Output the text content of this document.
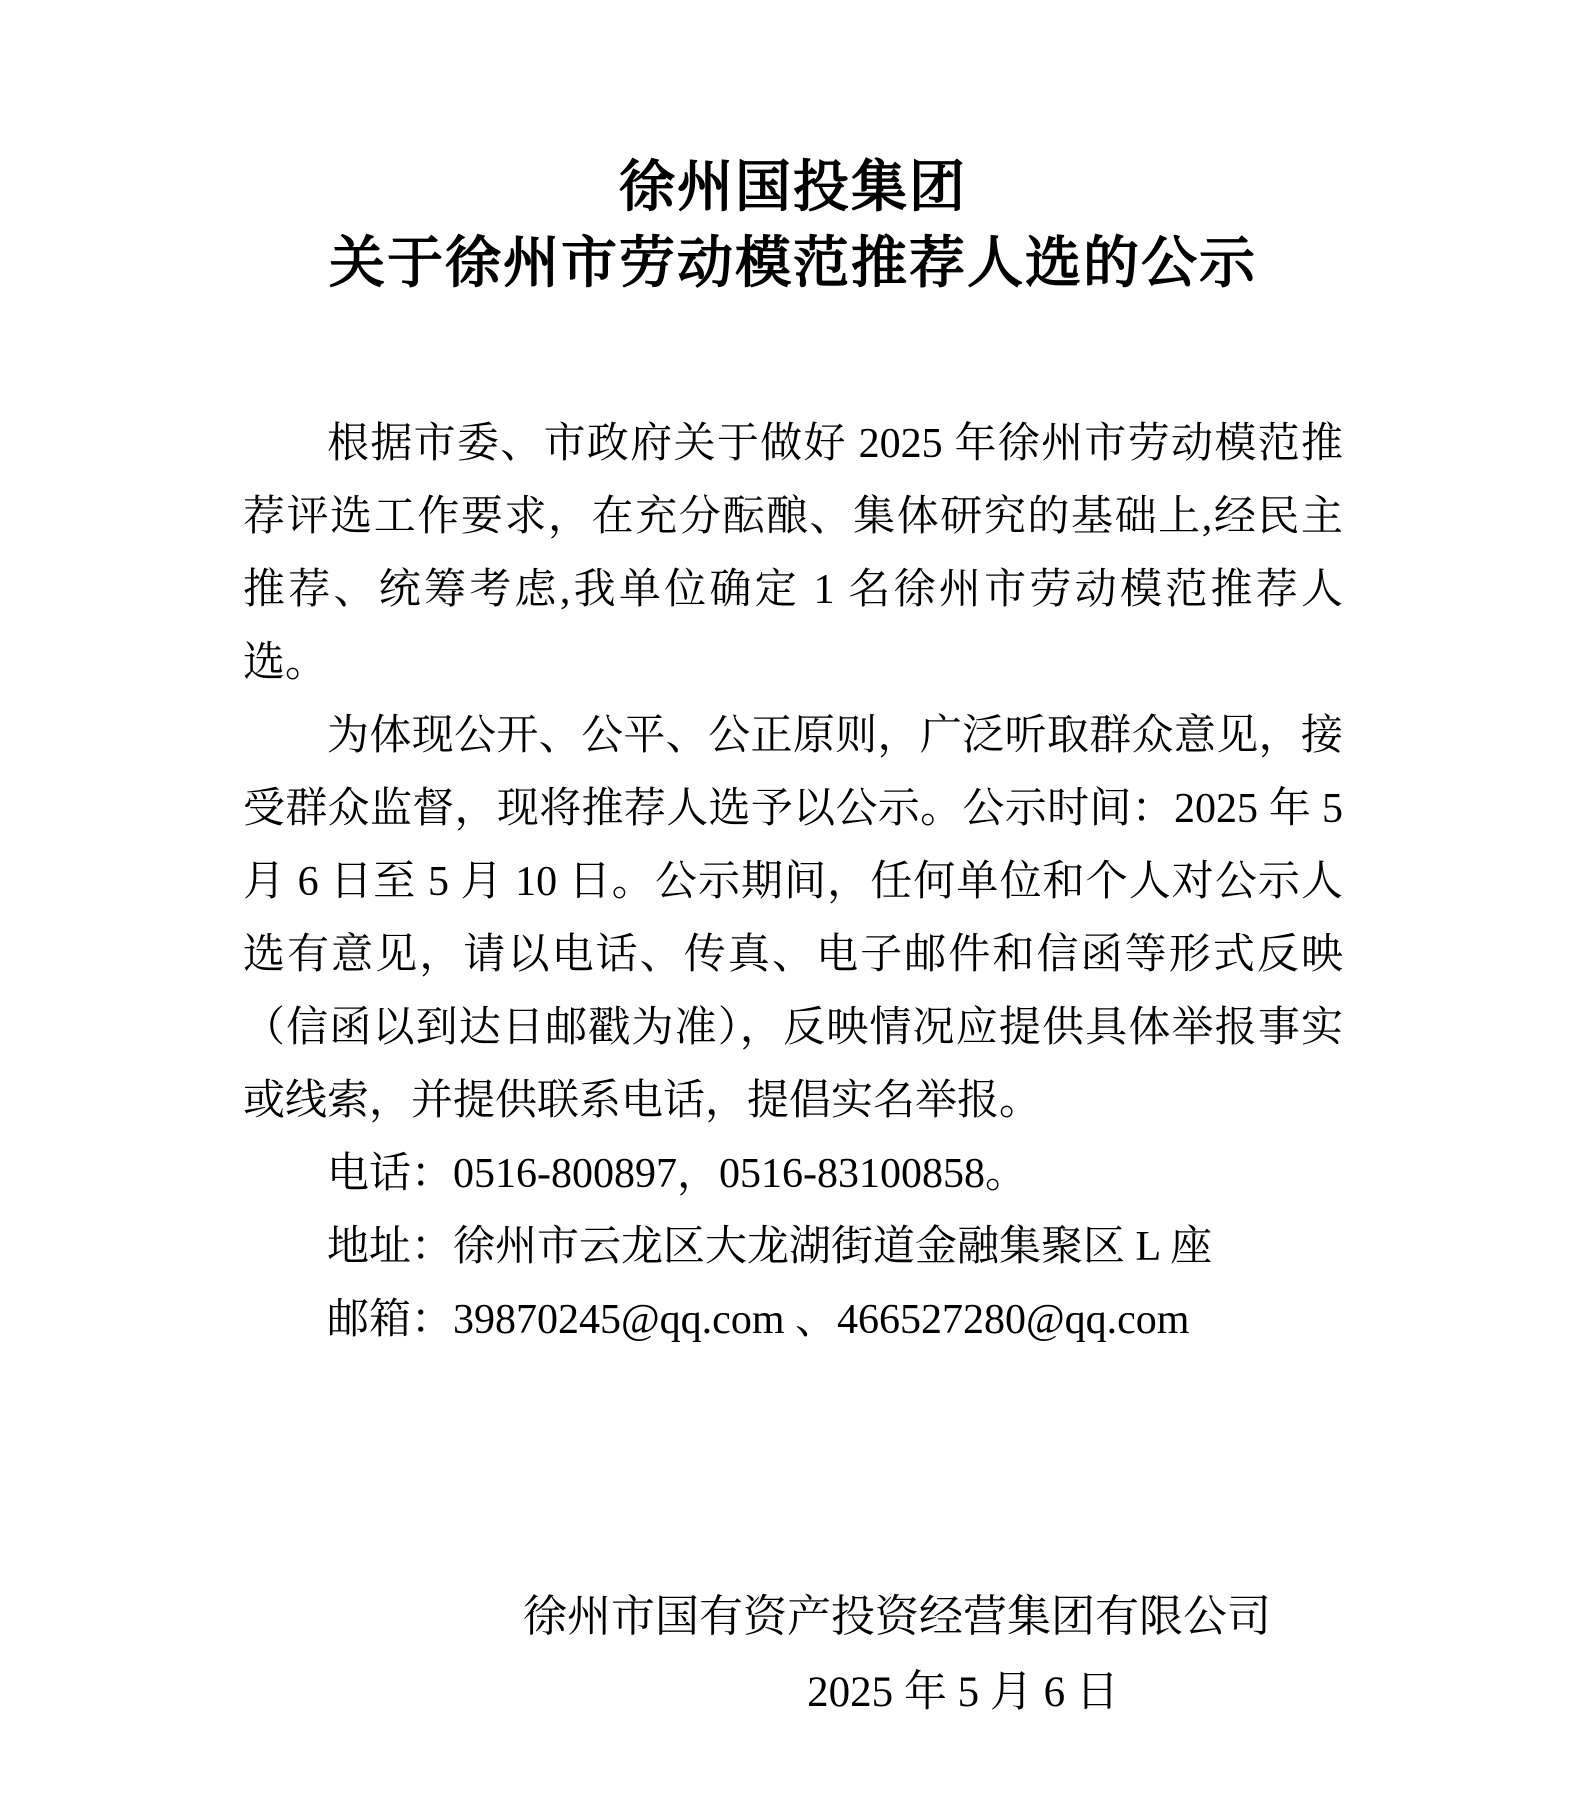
徐州国投集团
关于徐州市劳动模范推荐人选的公示

根据市委、市政府关于做好 2025 年徐州市劳动模范推荐评选工作要求，在充分酝酿、集体研究的基础上,经民主推荐、统筹考虑,我单位确定 1 名徐州市劳动模范推荐人选。

为体现公开、公平、公正原则，广泛听取群众意见，接受群众监督，现将推荐人选予以公示。公示时间：2025 年 5 月 6 日至 5 月 10 日。公示期间，任何单位和个人对公示人选有意见，请以电话、传真、电子邮件和信函等形式反映（信函以到达日邮戳为准），反映情况应提供具体举报事实或线索，并提供联系电话，提倡实名举报。

电话：0516-800897，0516-83100858。

地址：徐州市云龙区大龙湖街道金融集聚区 L 座

邮箱：39870245@qq.com 、466527280@qq.com

徐州市国有资产投资经营集团有限公司
2025 年 5 月 6 日
